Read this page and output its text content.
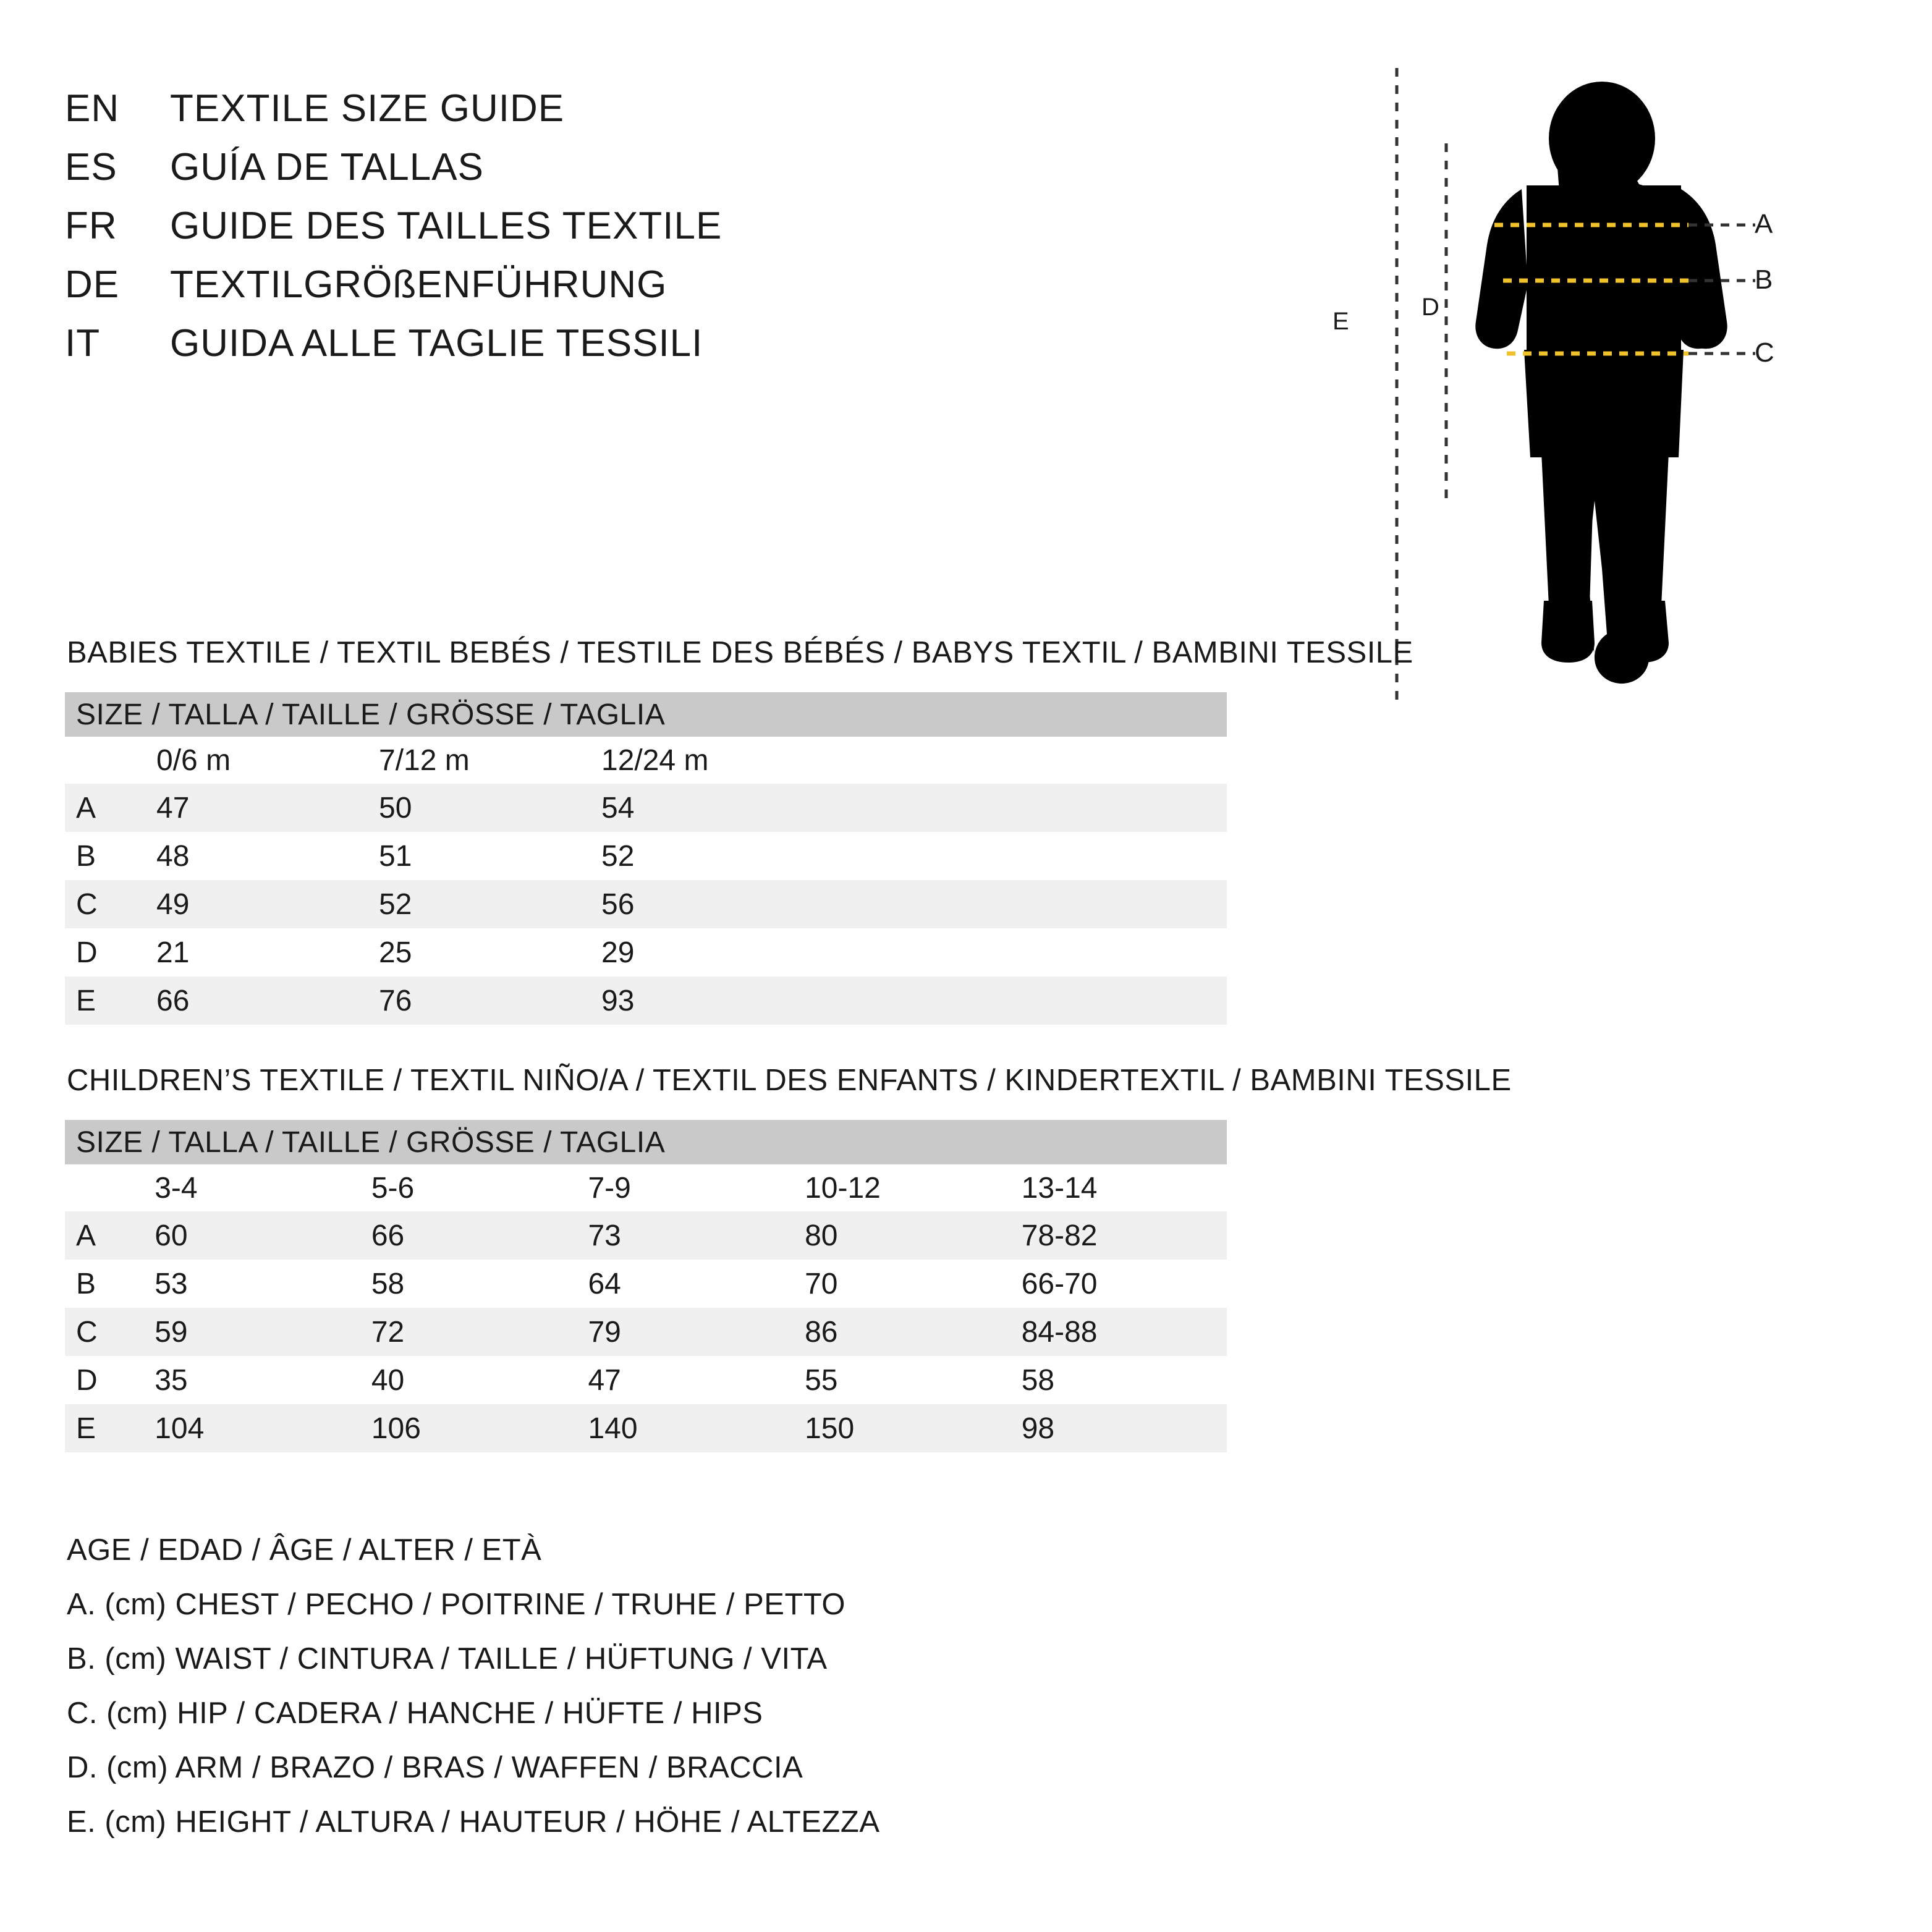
EN	TEXTILE SIZE GUIDE
ES	GUÍA DE TALLAS
FR	GUIDE DES TAILLES TEXTILE
DE	TEXTILGRÖßENFÜHRUNG
IT	GUIDA ALLE TAGLIE TESSILI
A
B
C
D
E
BABIES TEXTILE / TEXTIL BEBÉS / TESTILE DES BÉBÉS / BABYS TEXTIL / BAMBINI TESSILE
SIZE / TALLA / TAILLE / GRÖSSE / TAGLIA				
	0/6 m	7/12 m	12/24 m	
A	47	50	54	
B	48	51	52	
C	49	52	56	
D	21	25	29	
E	66	76	93	
CHILDREN’S TEXTILE / TEXTIL NIÑO/A / TEXTIL DES ENFANTS / KINDERTEXTIL / BAMBINI TESSILE
SIZE / TALLA / TAILLE / GRÖSSE / TAGLIA					
	3-4	5-6	7-9	10-12	13-14
A	60	66	73	80	78-82
B	53	58	64	70	66-70
C	59	72	79	86	84-88
D	35	40	47	55	58
E	104	106	140	150	98
AGE / EDAD / ÂGE / ALTER / ETÀ
A. (cm) CHEST / PECHO / POITRINE / TRUHE / PETTO
B. (cm) WAIST / CINTURA / TAILLE / HÜFTUNG / VITA
C. (cm) HIP / CADERA / HANCHE / HÜFTE / HIPS
D. (cm) ARM / BRAZO / BRAS / WAFFEN / BRACCIA
E. (cm) HEIGHT / ALTURA / HAUTEUR / HÖHE / ALTEZZA
